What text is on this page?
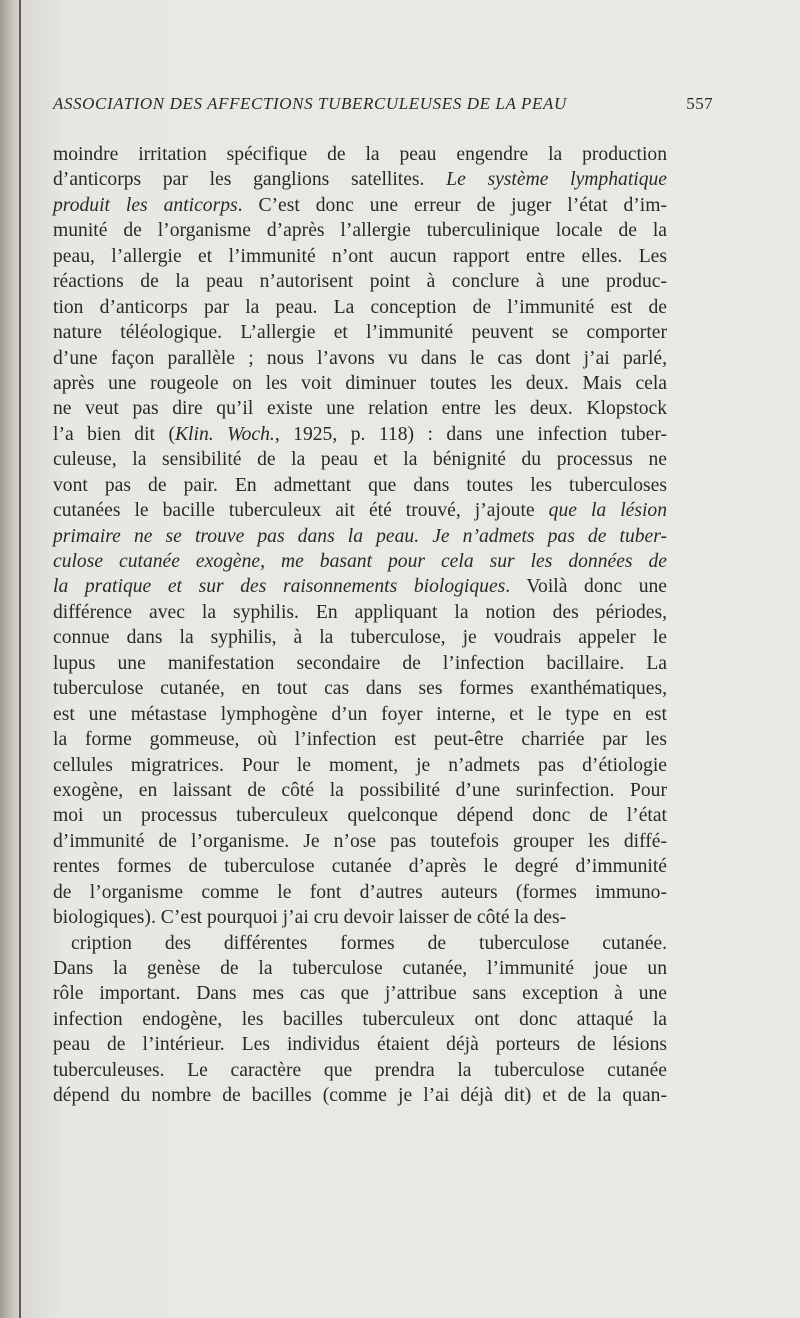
ASSOCIATION DES AFFECTIONS TUBERCULEUSES DE LA PEAU	557
moindre irritation spécifique de la peau engendre la production
d’anticorps par les ganglions satellites. Le système lymphatique
produit les anticorps. C’est donc une erreur de juger l’état d’im-
munité de l’organisme d’après l’allergie tuberculinique locale de la
peau, l’allergie et l’immunité n’ont aucun rapport entre elles. Les
réactions de la peau n’autorisent point à conclure à une produc-
tion d’anticorps par la peau. La conception de l’immunité est de
nature téléologique. L’allergie et l’immunité peuvent se comporter
d’une façon parallèle ; nous l’avons vu dans le cas dont j’ai parlé,
après une rougeole on les voit diminuer toutes les deux. Mais cela
ne veut pas dire qu’il existe une relation entre les deux. Klopstock
l’a bien dit (Klin. Woch., 1925, p. 118) : dans une infection tuber-
culeuse, la sensibilité de la peau et la bénignité du processus ne
vont pas de pair. En admettant que dans toutes les tuberculoses
cutanées le bacille tuberculeux ait été trouvé, j’ajoute que la lésion
primaire ne se trouve pas dans la peau. Je n’admets pas de tuber-
culose cutanée exogène, me basant pour cela sur les données de
la pratique et sur des raisonnements biologiques. Voilà donc une
différence avec la syphilis. En appliquant la notion des périodes,
connue dans la syphilis, à la tuberculose, je voudrais appeler le
lupus une manifestation secondaire de l’infection bacillaire. La
tuberculose cutanée, en tout cas dans ses formes exanthématiques,
est une métastase lymphogène d’un foyer interne, et le type en est
la forme gommeuse, où l’infection est peut-être charriée par les
cellules migratrices. Pour le moment, je n’admets pas d’étiologie
exogène, en laissant de côté la possibilité d’une surinfection. Pour
moi un processus tuberculeux quelconque dépend donc de l’état
d’immunité de l’organisme. Je n’ose pas toutefois grouper les diffé-
rentes formes de tuberculose cutanée d’après le degré d’immunité
de l’organisme comme le font d’autres auteurs (formes immuno-
biologiques). C’est pourquoi j’ai cru devoir laisser de côté la des-
cription des différentes formes de tuberculose cutanée.
Dans la genèse de la tuberculose cutanée, l’immunité joue un
rôle important. Dans mes cas que j’attribue sans exception à une
infection endogène, les bacilles tuberculeux ont donc attaqué la
peau de l’intérieur. Les individus étaient déjà porteurs de lésions
tuberculeuses. Le caractère que prendra la tuberculose cutanée
dépend du nombre de bacilles (comme je l’ai déjà dit) et de la quan-
